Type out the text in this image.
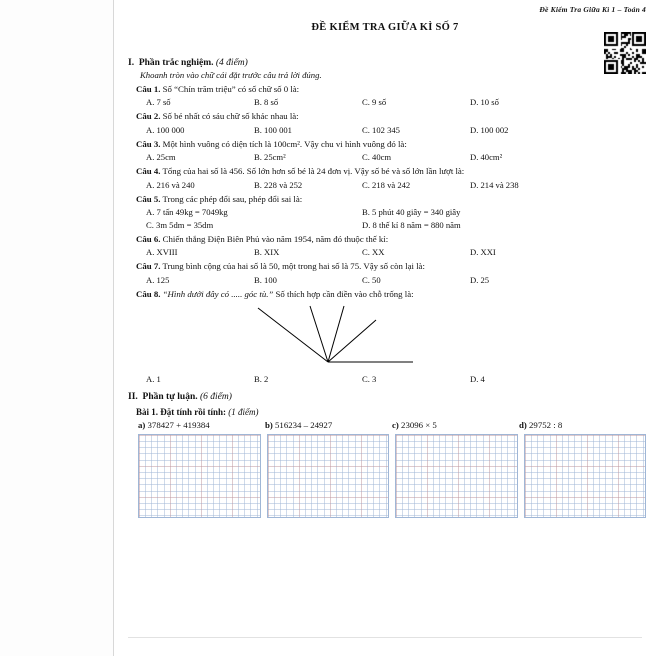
Đề Kiểm Tra Giữa Kì 1 – Toán 4
ĐỀ KIỂM TRA GIỮA KÌ SỐ 7
I. Phần trắc nghiệm. (4 điểm)
Khoanh tròn vào chữ cái đặt trước câu trả lời đúng.
Câu 1. Số “Chín trăm triệu” có số chữ số 0 là:
A. 7 số	B. 8 số	C. 9 số	D. 10 số
Câu 2. Số bé nhất có sáu chữ số khác nhau là:
A. 100 000	B. 100 001	C. 102 345	D. 100 002
Câu 3. Một hình vuông có diện tích là 100cm². Vậy chu vi hình vuông đó là:
A. 25cm	B. 25cm²	C. 40cm	D. 40cm²
Câu 4. Tổng của hai số là 456. Số lớn hơn số bé là 24 đơn vị. Vậy số bé và số lớn lần lượt là:
A. 216 và 240	B. 228 và 252	C. 218 và 242	D. 214 và 238
Câu 5. Trong các phép đổi sau, phép đổi sai là:
A. 7 tấn 49kg = 7049kg	B. 5 phút 40 giây = 340 giây
C. 3m 5dm = 35dm	D. 8 thế kỉ 8 năm = 880 năm
Câu 6. Chiến thắng Điện Biên Phủ vào năm 1954, năm đó thuộc thế kỉ:
A. XVIII	B. XIX	C. XX	D. XXI
Câu 7. Trung bình cộng của hai số là 50, một trong hai số là 75. Vậy số còn lại là:
A. 125	B. 100	C. 50	D. 25
Câu 8. “Hình dưới đây có ..... góc tù.” Số thích hợp cần điền vào chỗ trống là:
A. 1	B. 2	C. 3	D. 4
II. Phần tự luận. (6 điểm)
Bài 1. Đặt tính rồi tính: (1 điểm)
a) 378427 + 419384	b) 516234 – 24927	c) 23096 × 5	d) 29752 : 8
